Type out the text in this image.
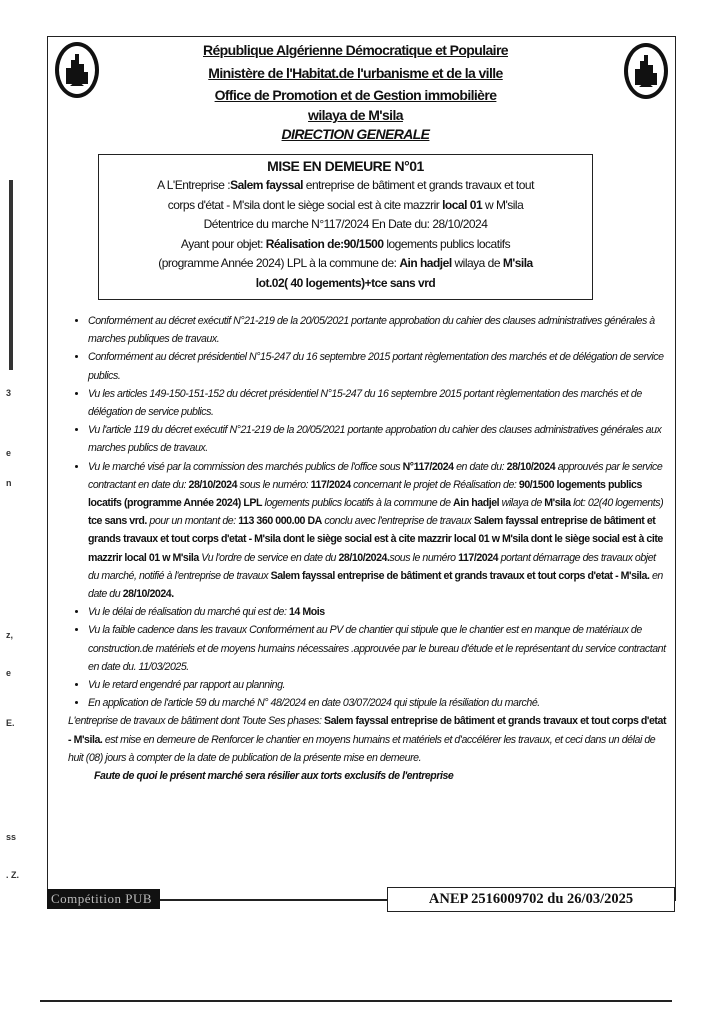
3
e
n
z,
e
E.
ss
. Z.
République Algérienne Démocratique et Populaire
Ministère de l'Habitat.de l'urbanisme et de la ville
Office de Promotion et de Gestion immobilière
wilaya de M'sila
DIRECTION GENERALE
MISE EN DEMEURE N°01
A L'Entreprise :Salem fayssal entreprise de bâtiment et grands travaux et tout
corps d'état - M'sila dont le siège social est à cite mazzrir local 01 w M'sila
Détentrice du marche N°117/2024 En Date du: 28/10/2024
Ayant pour objet: Réalisation de:90/1500 logements publics locatifs
(programme Année 2024) LPL à la commune de: Ain hadjel wilaya de M'sila
lot.02( 40 logements)+tce sans vrd
• Conformément au décret exécutif N°21-219 de la 20/05/2021 portante approbation du cahier des clauses administratives générales à marches publiques de travaux.
• Conformément au décret présidentiel N°15-247 du 16 septembre 2015 portant règlementation des marchés et de délégation de service publics.
• Vu les articles 149-150-151-152 du décret présidentiel N°15-247 du 16 septembre 2015 portant règlementation des marchés et de délégation de service publics.
• Vu l'article 119 du décret exécutif N°21-219 de la 20/05/2021 portante approbation du cahier des clauses administratives générales aux marches publics de travaux.
• Vu le marché visé par la commission des marchés publics de l'office sous N°117/2024 en date du: 28/10/2024 approuvés par le service contractant en date du: 28/10/2024 sous le numéro: 117/2024 concernant le projet de Réalisation de: 90/1500 logements publics locatifs (programme Année 2024) LPL logements publics locatifs à la commune de Ain hadjel wilaya de M'sila lot: 02(40 logements) tce sans vrd. pour un montant de: 113 360 000.00 DA conclu avec l'entreprise de travaux Salem fayssal entreprise de bâtiment et grands travaux et tout corps d'etat - M'sila dont le siège social est à cite mazzrir local 01 w M'sila dont le siège social est à cite mazzrir local 01 w M'sila Vu l'ordre de service en date du 28/10/2024.sous le numéro 117/2024 portant démarrage des travaux objet du marché, notifié à l'entreprise de travaux Salem fayssal entreprise de bâtiment et grands travaux et tout corps d'etat - M'sila. en date du 28/10/2024.
• Vu le délai de réalisation du marché qui est de: 14 Mois
• Vu la faible cadence dans les travaux Conformément au PV de chantier qui stipule que le chantier est en manque de matériaux de construction.de matériels et de moyens humains nécessaires .approuvée par le bureau d'étude et le représentant du service contractant en date du. 11/03/2025.
• Vu le retard engendré par rapport au planning.
• En application de l'article 59 du marché N° 48/2024 en date 03/07/2024 qui stipule la résiliation du marché.

L'entreprise de travaux de bâtiment dont Toute Ses phases: Salem fayssal entreprise de bâtiment et grands travaux et tout corps d'etat - M'sila. est mise en demeure de Renforcer le chantier en moyens humains et matériels et d'accélérer les travaux, et ceci dans un délai de huit (08) jours à compter de la date de publication de la présente mise en demeure.

Faute de quoi le présent marché sera résilier aux torts exclusifs de l'entreprise

Compétition PUB	ANEP 2516009702 du 26/03/2025
